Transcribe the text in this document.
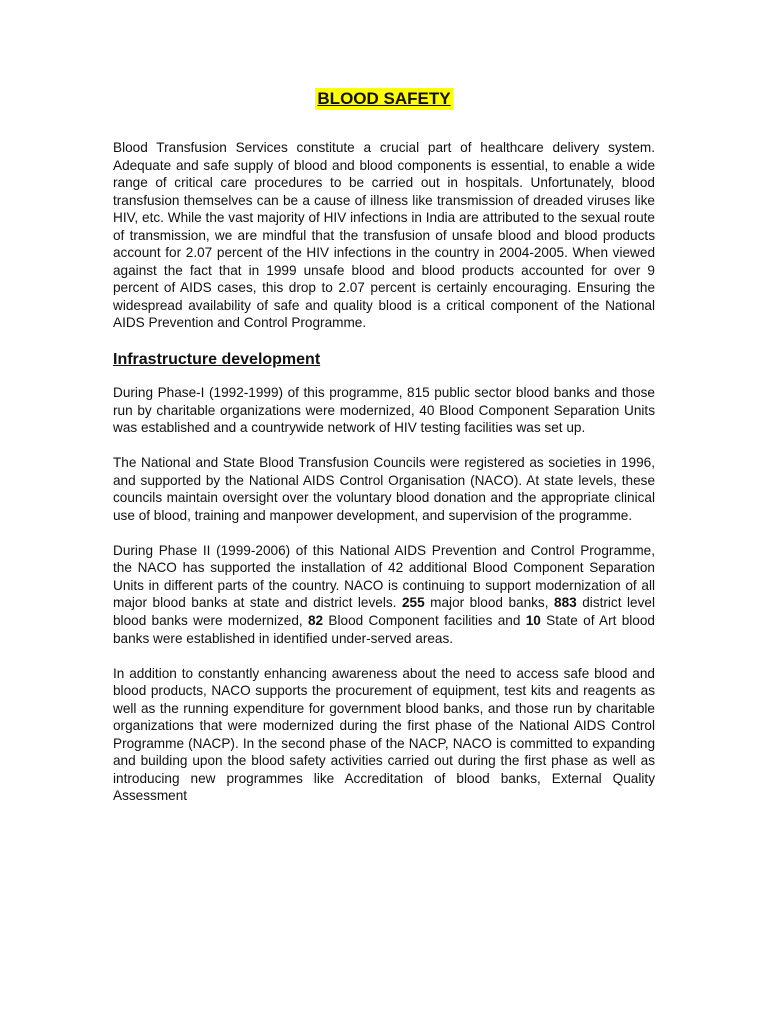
BLOOD SAFETY

Blood Transfusion Services constitute a crucial part of healthcare delivery system. Adequate and safe supply of blood and blood components is essential, to enable a wide range of critical care procedures to be carried out in hospitals. Unfortunately, blood transfusion themselves can be a cause of illness like transmission of dreaded viruses like HIV, etc. While the vast majority of HIV infections in India are attributed to the sexual route of transmission, we are mindful that the transfusion of unsafe blood and blood products account for 2.07 percent of the HIV infections in the country in 2004-2005. When viewed against the fact that in 1999 unsafe blood and blood products accounted for over 9 percent of AIDS cases, this drop to 2.07 percent is certainly encouraging. Ensuring the widespread availability of safe and quality blood is a critical component of the National AIDS Prevention and Control Programme.

Infrastructure development

During Phase-I (1992-1999) of this programme, 815 public sector blood banks and those run by charitable organizations were modernized, 40 Blood Component Separation Units was established and a countrywide network of HIV testing facilities was set up.

The National and State Blood Transfusion Councils were registered as societies in 1996, and supported by the National AIDS Control Organisation (NACO). At state levels, these councils maintain oversight over the voluntary blood donation and the appropriate clinical use of blood, training and manpower development, and supervision of the programme.

During Phase II (1999-2006) of this National AIDS Prevention and Control Programme, the NACO has supported the installation of 42 additional Blood Component Separation Units in different parts of the country. NACO is continuing to support modernization of all major blood banks at state and district levels. 255 major blood banks, 883 district level blood banks were modernized, 82 Blood Component facilities and 10 State of Art blood banks were established in identified under-served areas.

In addition to constantly enhancing awareness about the need to access safe blood and blood products, NACO supports the procurement of equipment, test kits and reagents as well as the running expenditure for government blood banks, and those run by charitable organizations that were modernized during the first phase of the National AIDS Control Programme (NACP). In the second phase of the NACP, NACO is committed to expanding and building upon the blood safety activities carried out during the first phase as well as introducing new programmes like Accreditation of blood banks, External Quality Assessment
